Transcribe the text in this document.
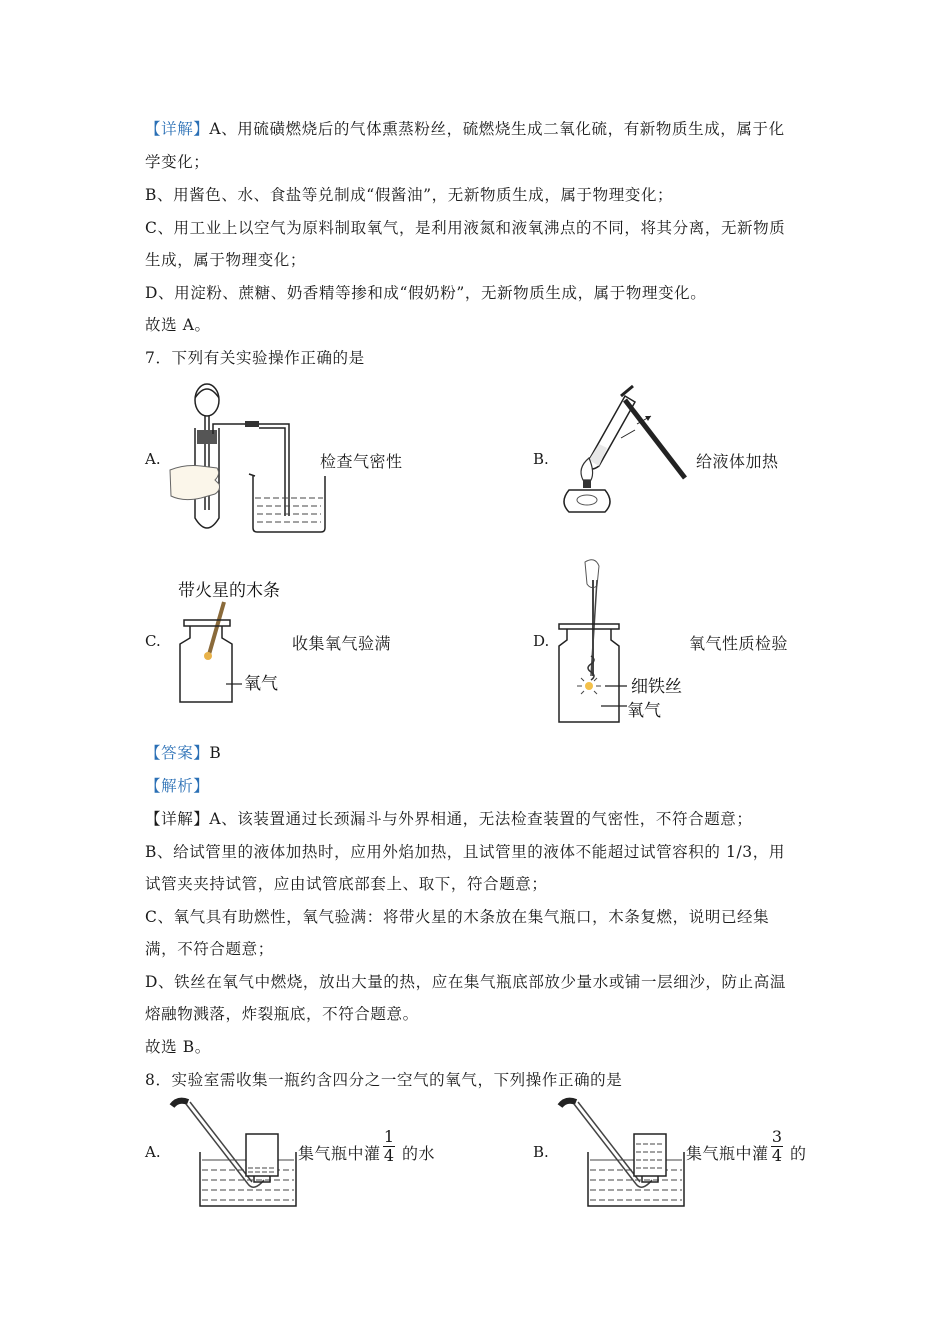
【详解】A、用硫磺燃烧后的气体熏蒸粉丝，硫燃烧生成二氧化硫，有新物质生成，属于化
学变化；
B、用酱色、水、食盐等兑制成“假酱油”，无新物质生成，属于物理变化；
C、用工业上以空气为原料制取氧气，是利用液氮和液氧沸点的不同，将其分离，无新物质
生成，属于物理变化；
D、用淀粉、蔗糖、奶香精等掺和成“假奶粉”，无新物质生成，属于物理变化。
故选 A。
7．下列有关实验操作正确的是
A.	检查气密性	B.	给液体加热
C.
带火星的木条
氧气
收集氧气验满	D.
细铁丝
氧气
氧气性质检验
【答案】B
【解析】
【详解】A、该装置通过长颈漏斗与外界相通，无法检查装置的气密性，不符合题意；
B、给试管里的液体加热时，应用外焰加热，且试管里的液体不能超过试管容积的 1/3，用
试管夹夹持试管，应由试管底部套上、取下，符合题意；
C、氧气具有助燃性，氧气验满：将带火星的木条放在集气瓶口，木条复燃，说明已经集
满，不符合题意；
D、铁丝在氧气中燃烧，放出大量的热，应在集气瓶底部放少量水或铺一层细沙，防止高温
熔融物溅落，炸裂瓶底，不符合题意。
故选 B。
8．实验室需收集一瓶约含四分之一空气的氧气，下列操作正确的是
A.	集气瓶中灌
1
4 的水	B.	集气瓶中灌
3
4 的
